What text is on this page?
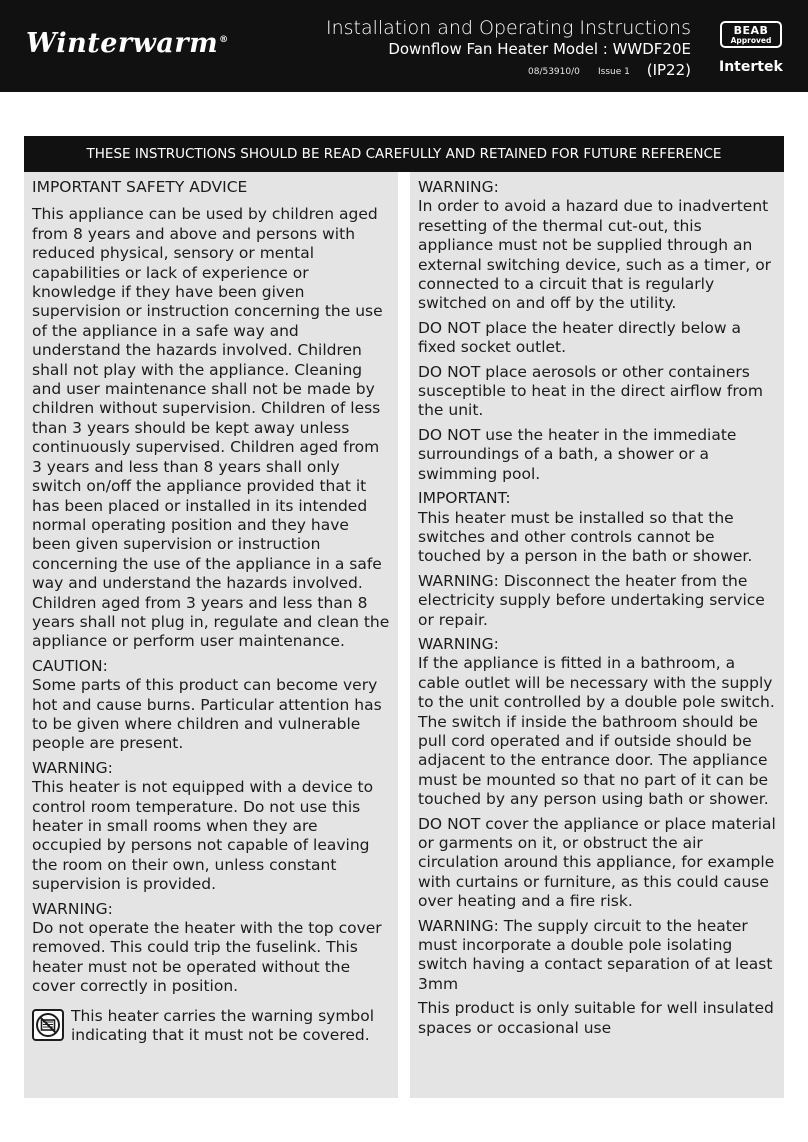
Winterwarm®
Installation and Operating Instructions
Downflow Fan Heater Model : WWDF20E
08/53910/0 Issue 1 (IP22)
BEAB
Approved
Intertek
THESE INSTRUCTIONS SHOULD BE READ CAREFULLY AND RETAINED FOR FUTURE REFERENCE

IMPORTANT SAFETY ADVICE
This appliance can be used by children aged from 8 years and above and persons with reduced physical, sensory or mental capabilities or lack of experience or knowledge if they have been given supervision or instruction concerning the use of the appliance in a safe way and understand the hazards involved. Children shall not play with the appliance. Cleaning and user maintenance shall not be made by children without supervision. Children of less than 3 years should be kept away unless continuously supervised. Children aged from 3 years and less than 8 years shall only switch on/off the appliance provided that it has been placed or installed in its intended normal operating position and they have been given supervision or instruction concerning the use of the appliance in a safe way and understand the hazards involved. Children aged from 3 years and less than 8 years shall not plug in, regulate and clean the appliance or perform user maintenance.

CAUTION:
Some parts of this product can become very hot and cause burns. Particular attention has to be given where children and vulnerable people are present.

WARNING:
This heater is not equipped with a device to control room temperature. Do not use this heater in small rooms when they are occupied by persons not capable of leaving the room on their own, unless constant supervision is provided.

WARNING:
Do not operate the heater with the top cover removed. This could trip the fuselink. This heater must not be operated without the cover correctly in position.

This heater carries the warning symbol indicating that it must not be covered.

WARNING:
In order to avoid a hazard due to inadvertent resetting of the thermal cut-out, this appliance must not be supplied through an external switching device, such as a timer, or connected to a circuit that is regularly switched on and off by the utility.

DO NOT place the heater directly below a fixed socket outlet.

DO NOT place aerosols or other containers susceptible to heat in the direct airflow from the unit.

DO NOT use the heater in the immediate surroundings of a bath, a shower or a swimming pool.

IMPORTANT:
This heater must be installed so that the switches and other controls cannot be touched by a person in the bath or shower.

WARNING: Disconnect the heater from the electricity supply before undertaking service or repair.

WARNING:
If the appliance is fitted in a bathroom, a cable outlet will be necessary with the supply to the unit controlled by a double pole switch. The switch if inside the bathroom should be pull cord operated and if outside should be adjacent to the entrance door. The appliance must be mounted so that no part of it can be touched by any person using bath or shower.

DO NOT cover the appliance or place material or garments on it, or obstruct the air circulation around this appliance, for example with curtains or furniture, as this could cause over heating and a fire risk.

WARNING: The supply circuit to the heater must incorporate a double pole isolating switch having a contact separation of at least 3mm

This product is only suitable for well insulated spaces or occasional use
